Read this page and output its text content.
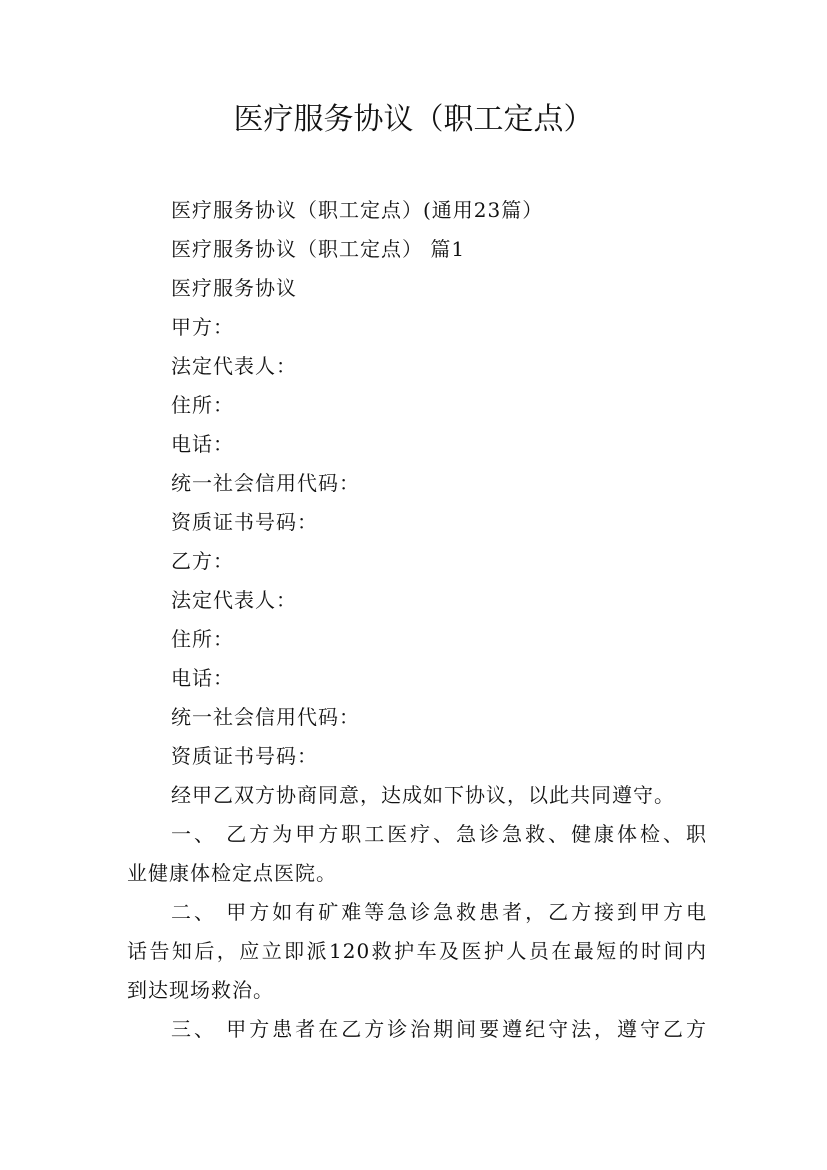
医疗服务协议（职工定点）
医疗服务协议（职工定点）(通用23篇）
医疗服务协议（职工定点） 篇1
医疗服务协议
甲方：
法定代表人：
住所：
电话：
统一社会信用代码：
资质证书号码：
乙方：
法定代表人：
住所：
电话：
统一社会信用代码：
资质证书号码：
经甲乙双方协商同意，达成如下协议，以此共同遵守。
一、 乙方为甲方职工医疗、急诊急救、健康体检、职
业健康体检定点医院。
二、 甲方如有矿难等急诊急救患者，乙方接到甲方电
话告知后，应立即派120救护车及医护人员在最短的时间内
到达现场救治。
三、 甲方患者在乙方诊治期间要遵纪守法，遵守乙方
